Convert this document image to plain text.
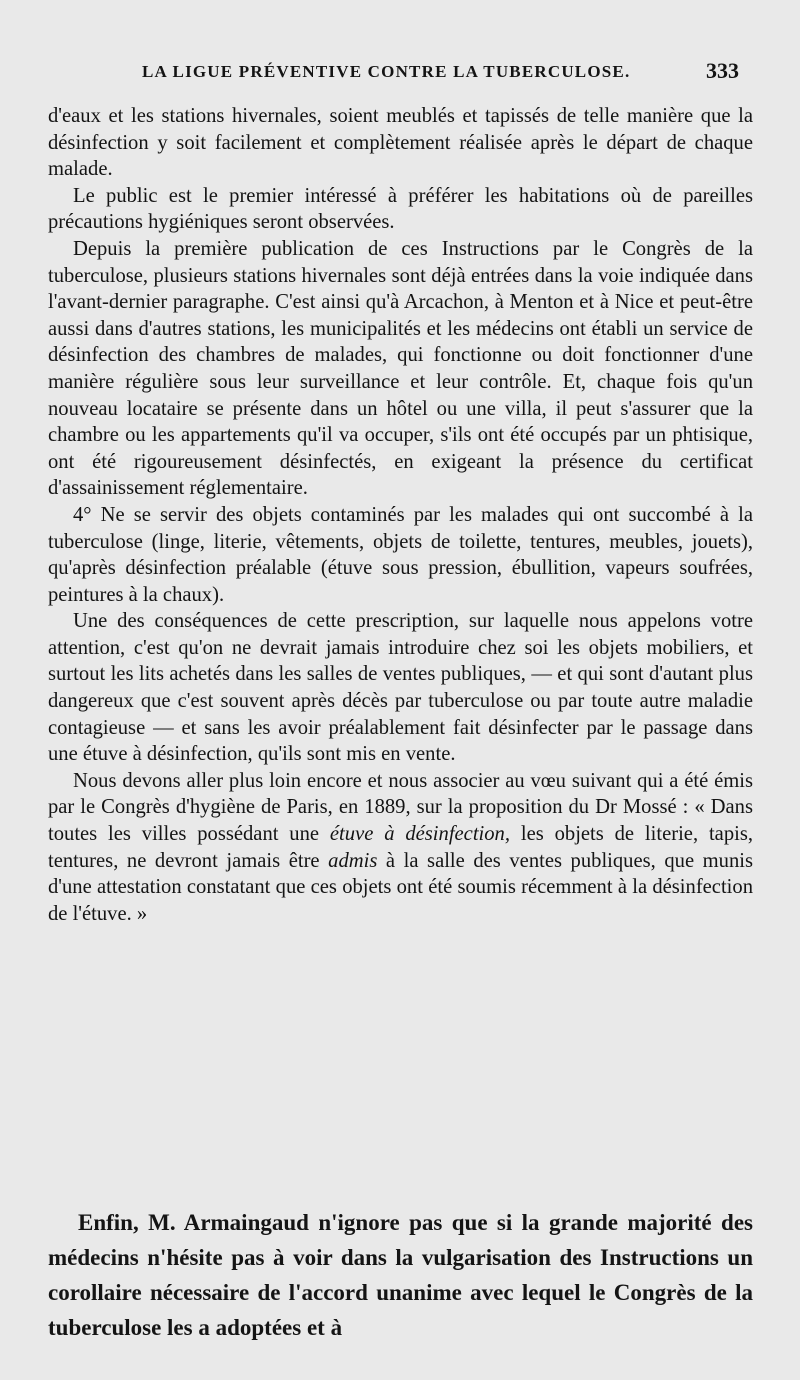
LA LIGUE PRÉVENTIVE CONTRE LA TUBERCULOSE.	333

d'eaux et les stations hivernales, soient meublés et tapissés de telle manière que la désinfection y soit facilement et complètement réalisée après le départ de chaque malade.

Le public est le premier intéressé à préférer les habitations où de pareilles précautions hygiéniques seront observées.

Depuis la première publication de ces Instructions par le Congrès de la tuberculose, plusieurs stations hivernales sont déjà entrées dans la voie indiquée dans l'avant-dernier paragraphe. C'est ainsi qu'à Arcachon, à Menton et à Nice et peut-être aussi dans d'autres stations, les municipalités et les médecins ont établi un service de désinfection des chambres de malades, qui fonctionne ou doit fonctionner d'une manière régulière sous leur surveillance et leur contrôle. Et, chaque fois qu'un nouveau locataire se présente dans un hôtel ou une villa, il peut s'assurer que la chambre ou les appartements qu'il va occuper, s'ils ont été occupés par un phtisique, ont été rigoureusement désinfectés, en exigeant la présence du certificat d'assainissement réglementaire.

4° Ne se servir des objets contaminés par les malades qui ont succombé à la tuberculose (linge, literie, vêtements, objets de toilette, tentures, meubles, jouets), qu'après désinfection préalable (étuve sous pression, ébullition, vapeurs soufrées, peintures à la chaux).

Une des conséquences de cette prescription, sur laquelle nous appelons votre attention, c'est qu'on ne devrait jamais introduire chez soi les objets mobiliers, et surtout les lits achetés dans les salles de ventes publiques, — et qui sont d'autant plus dangereux que c'est souvent après décès par tuberculose ou par toute autre maladie contagieuse — et sans les avoir préalablement fait désinfecter par le passage dans une étuve à désinfection, qu'ils sont mis en vente.

Nous devons aller plus loin encore et nous associer au vœu suivant qui a été émis par le Congrès d'hygiène de Paris, en 1889, sur la proposition du Dr Mossé : « Dans toutes les villes possédant une étuve à désinfection, les objets de literie, tapis, tentures, ne devront jamais être admis à la salle des ventes publiques, que munis d'une attestation constatant que ces objets ont été soumis récemment à la désinfection de l'étuve. »

Enfin, M. Armaingaud n'ignore pas que si la grande majorité des médecins n'hésite pas à voir dans la vulgarisation des Instructions un corollaire nécessaire de l'accord unanime avec lequel le Congrès de la tuberculose les a adoptées et à
